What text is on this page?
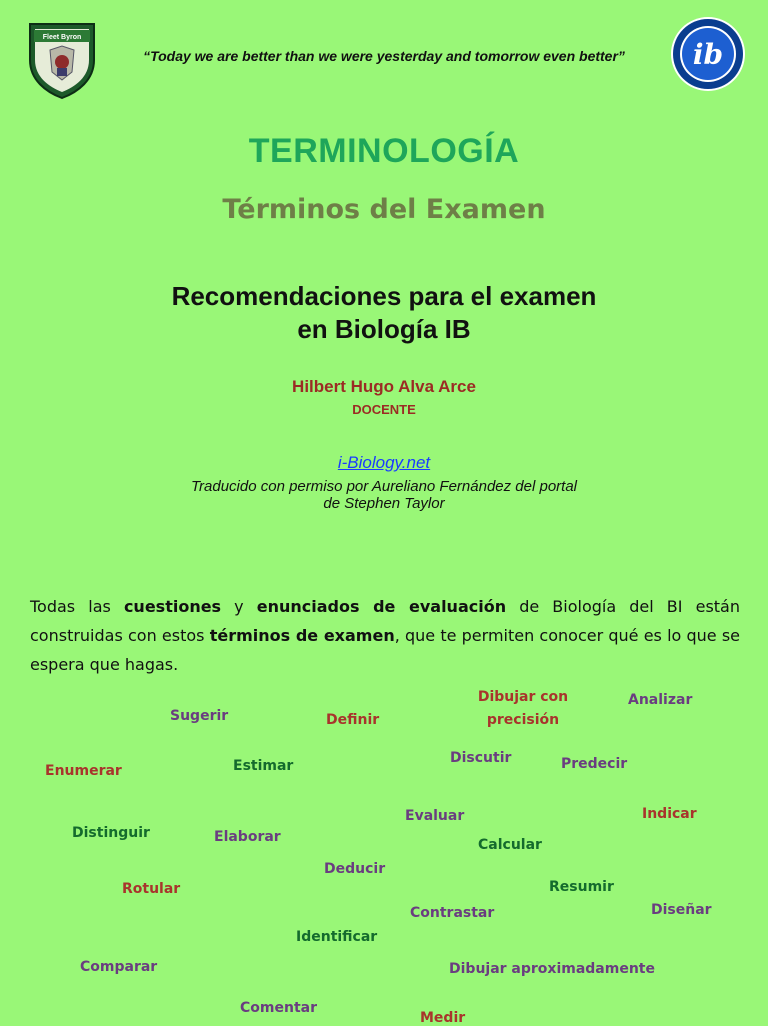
Fleet Byron
“Today we are better than we were yesterday and tomorrow even better”	ib
TERMINOLOGÍA
Términos del Examen
Recomendaciones para el examen
en Biología IB
Hilbert Hugo Alva Arce
DOCENTE
i-Biology.net
Traducido con permiso por Aureliano Fernández del portal
de Stephen Taylor
Todas las cuestiones y enunciados de evaluación de Biología del BI están construidas con estos términos de examen, que te permiten conocer qué es lo que se espera que hagas.
Dibujar con
precisión
Analizar
Sugerir	Definir
Discutir	Predecir
Enumerar	Estimar
Evaluar	Indicar
Distinguir	Elaborar	Calcular
Deducir
Rotular	Resumir
Contrastar	Diseñar
Identificar
Comparar	Dibujar aproximadamente
Comentar
Medir
